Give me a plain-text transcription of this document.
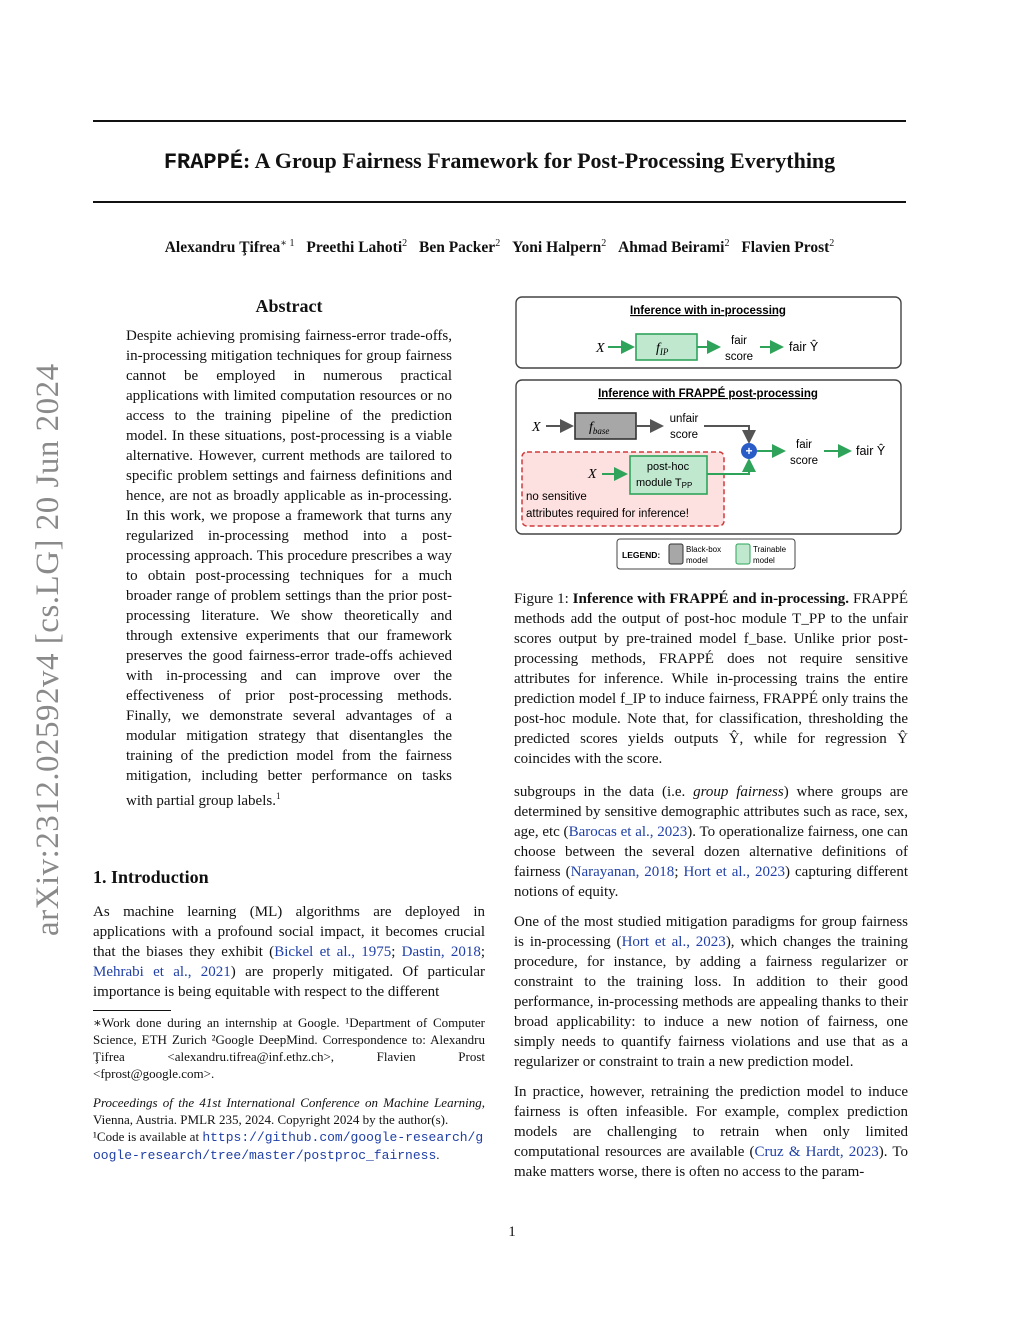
FRAPPÉ: A Group Fairness Framework for Post-Processing Everything
Alexandru Ţifrea$^{∗ 1}$ Preethi Lahoti$^2$ Ben Packer$^2$ Yoni Halpern$^2$ Ahmad Beirami$^2$ Flavien Prost$^2$
arXiv:2312.02592v4 [cs.LG] 20 Jun 2024
Abstract
Despite achieving promising fairness-error trade-offs, in-processing mitigation techniques for group fairness cannot be employed in numerous practical applications with limited computation resources or no access to the training pipeline of the prediction model. In these situations, post-processing is a viable alternative. However, current methods are tailored to specific problem settings and fairness definitions and hence, are not as broadly applicable as in-processing. In this work, we propose a framework that turns any regularized in-processing method into a post-processing approach. This procedure prescribes a way to obtain post-processing techniques for a much broader range of problem settings than the prior post-processing literature. We show theoretically and through extensive experiments that our framework preserves the good fairness-error trade-offs achieved with in-processing and can improve over the effectiveness of prior post-processing methods. Finally, we demonstrate several advantages of a modular mitigation strategy that disentangles the training of the prediction model from the fairness mitigation, including better performance on tasks with partial group labels.$^1$
1. Introduction
As machine learning (ML) algorithms are deployed in applications with a profound social impact, it becomes crucial that the biases they exhibit (Bickel et al., 1975; Dastin, 2018; Mehrabi et al., 2021) are properly mitigated. Of particular importance is being equitable with respect to the different

∗Work done during an internship at Google. ¹Department of Computer Science, ETH Zurich ²Google DeepMind. Correspondence to: Alexandru Ţifrea <alexandru.tifrea@inf.ethz.ch>, Flavien Prost <fprost@google.com>.

Proceedings of the 41st International Conference on Machine Learning, Vienna, Austria. PMLR 235, 2024. Copyright 2024 by the author(s).

¹Code is available at https://github.com/google-research/google-research/tree/master/postproc_fairness.

Inference with in-processing
X	$f_{IP}$
fair
score
fair Ŷ
Inference with FRAPPÉ post-processing
X	$f_{base}$
unfair
score
X	post-hoc
module TPP
+	fair
score
fair Ŷ
no sensitive
attributes required for inference!
LEGEND:
Black-box
model
Trainable
model
Figure 1: Inference with FRAPPÉ and in-processing. FRAPPÉ methods add the output of post-hoc module T_PP to the unfair scores output by pre-trained model f_base. Unlike prior post-processing methods, FRAPPÉ does not require sensitive attributes for inference. While in-processing trains the entire prediction model f_IP to induce fairness, FRAPPÉ only trains the post-hoc module. Note that, for classification, thresholding the predicted scores yields outputs Ŷ, while for regression Ŷ coincides with the score.

subgroups in the data (i.e. group fairness) where groups are determined by sensitive demographic attributes such as race, sex, age, etc (Barocas et al., 2023). To operationalize fairness, one can choose between the several dozen alternative definitions of fairness (Narayanan, 2018; Hort et al., 2023) capturing different notions of equity.

One of the most studied mitigation paradigms for group fairness is in-processing (Hort et al., 2023), which changes the training procedure, for instance, by adding a fairness regularizer or constraint to the training loss. In addition to their good performance, in-processing methods are appealing thanks to their broad applicability: to induce a new notion of fairness, one simply needs to quantify fairness violations and use that as a regularizer or constraint to train a new prediction model.

In practice, however, retraining the prediction model to induce fairness is often infeasible. For example, complex prediction models are challenging to retrain when only limited computational resources are available (Cruz & Hardt, 2023). To make matters worse, there is often no access to the param-

1
